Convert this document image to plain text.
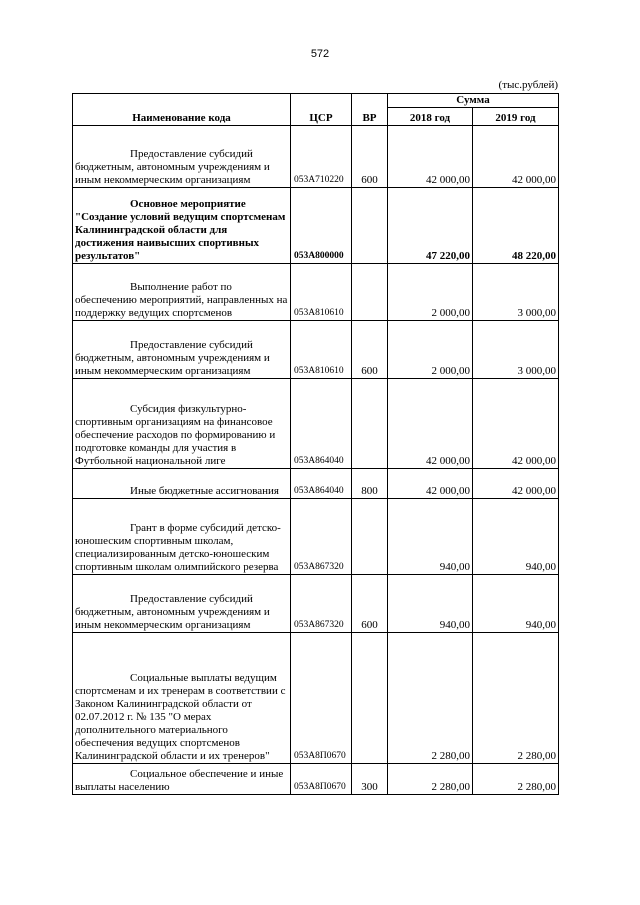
572
(тыс.рублей)
Наименование кода	ЦСР	ВР	Сумма	
			2018 год	2019 год
Предоставление субсидий бюджетным, автономным учреждениям и иным некоммерческим организациям	053А710220	600	42 000,00	42 000,00
Основное мероприятие "Создание условий ведущим спортсменам Калининградской области для достижения наивысших спортивных результатов"	053А800000		47 220,00	48 220,00
Выполнение работ по обеспечению мероприятий, направленных на поддержку ведущих спортсменов	053А810610		2 000,00	3 000,00
Предоставление субсидий бюджетным, автономным учреждениям и иным некоммерческим организациям	053А810610	600	2 000,00	3 000,00
Субсидия физкультурно-спортивным организациям на финансовое обеспечение расходов по формированию и подготовке команды для участия в Футбольной национальной лиге	053А864040		42 000,00	42 000,00
Иные бюджетные ассигнования	053А864040	800	42 000,00	42 000,00
Грант в форме субсидий детско-юношеским спортивным школам, специализированным детско-юношеским спортивным школам олимпийского резерва	053А867320		940,00	940,00
Предоставление субсидий бюджетным, автономным учреждениям и иным некоммерческим организациям	053А867320	600	940,00	940,00
Социальные выплаты ведущим спортсменам и их тренерам в соответствии с Законом Калининградской области от 02.07.2012 г. № 135 "О мерах дополнительного материального обеспечения ведущих спортсменов Калининградской области и их тренеров"	053А8П0670		2 280,00	2 280,00
Социальное обеспечение и иные выплаты населению	053А8П0670	300	2 280,00	2 280,00
